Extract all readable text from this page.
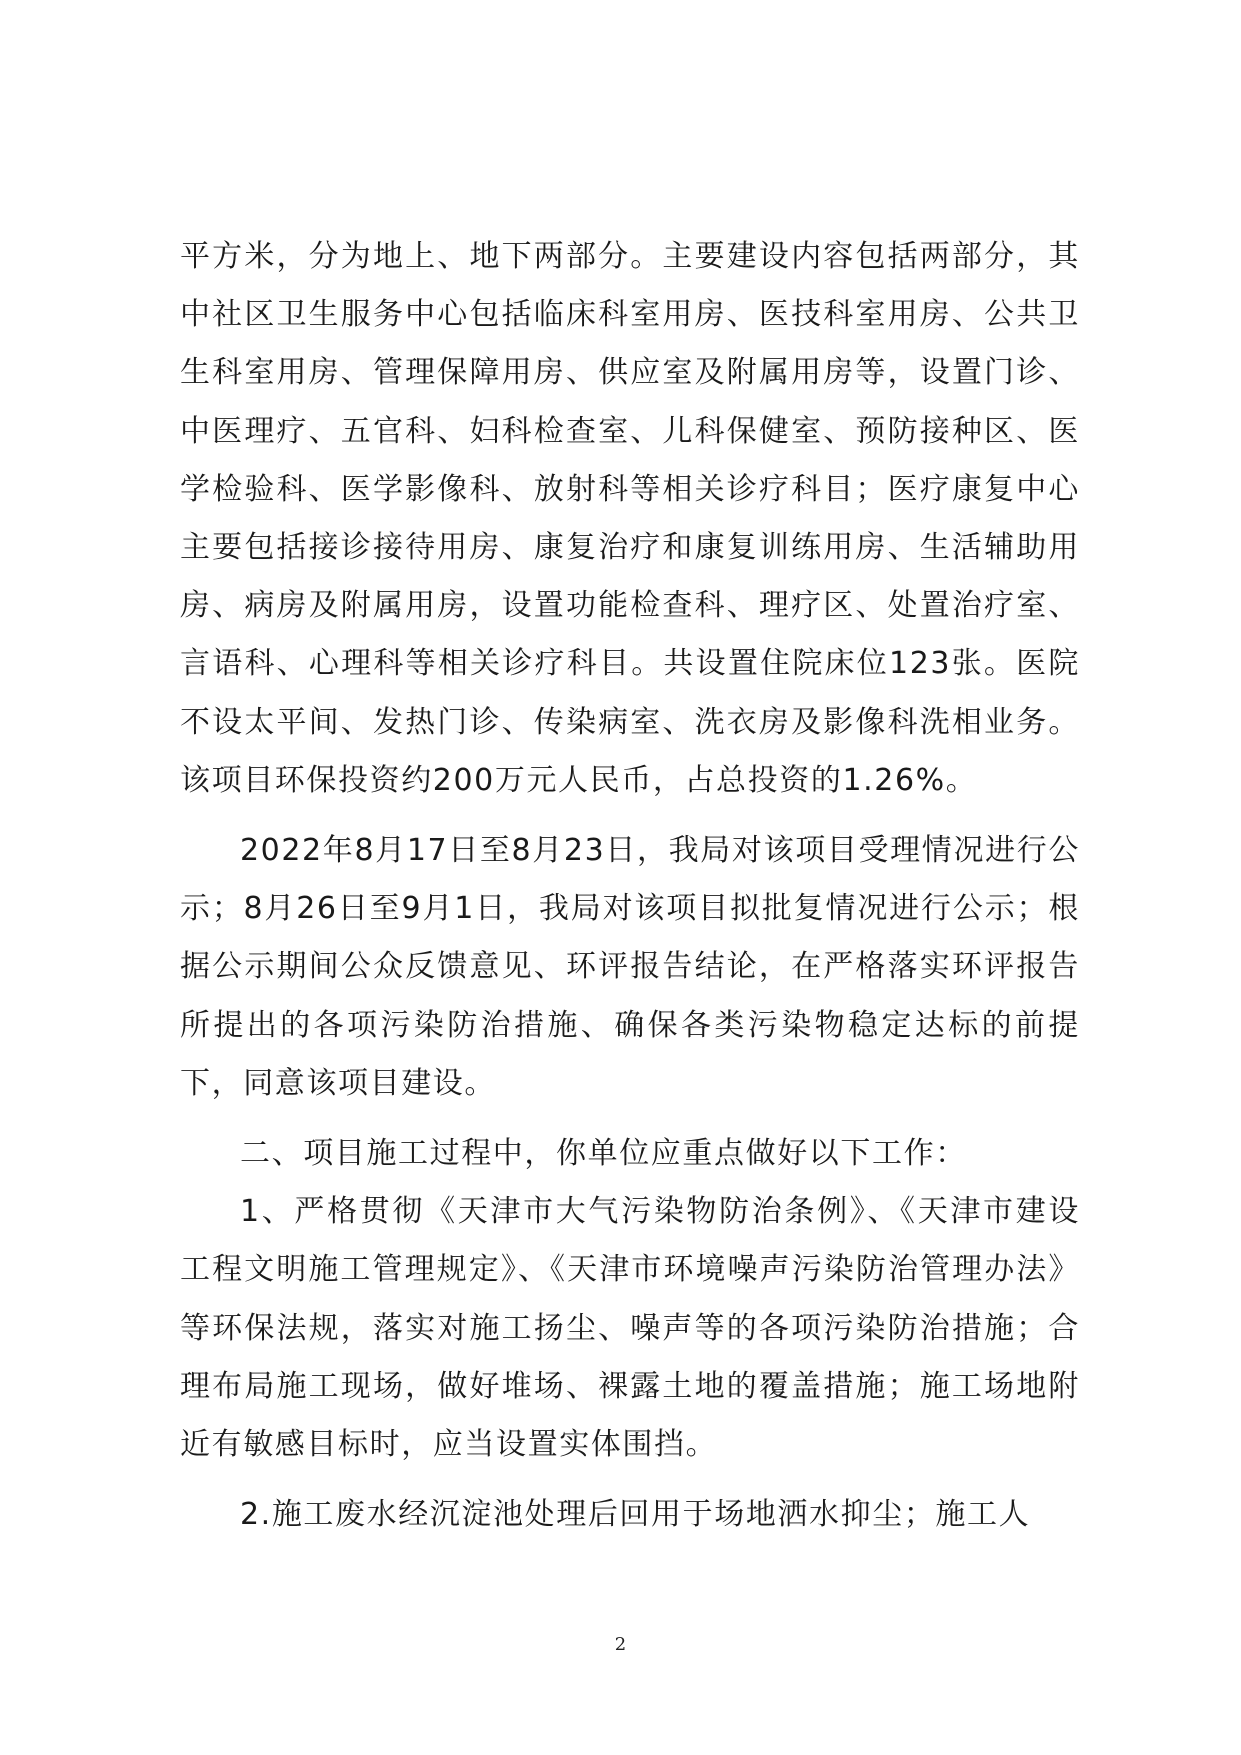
平方米，分为地上、地下两部分。主要建设内容包括两部分，其中社区卫生服务中心包括临床科室用房、医技科室用房、公共卫生科室用房、管理保障用房、供应室及附属用房等，设置门诊、中医理疗、五官科、妇科检查室、儿科保健室、预防接种区、医学检验科、医学影像科、放射科等相关诊疗科目；医疗康复中心主要包括接诊接待用房、康复治疗和康复训练用房、生活辅助用房、病房及附属用房，设置功能检查科、理疗区、处置治疗室、言语科、心理科等相关诊疗科目。共设置住院床位123张。医院不设太平间、发热门诊、传染病室、洗衣房及影像科洗相业务。该项目环保投资约200万元人民币，占总投资的1.26%。

2022年8月17日至8月23日，我局对该项目受理情况进行公示；8月26日至9月1日，我局对该项目拟批复情况进行公示；根据公示期间公众反馈意见、环评报告结论，在严格落实环评报告所提出的各项污染防治措施、确保各类污染物稳定达标的前提下，同意该项目建设。

二、项目施工过程中，你单位应重点做好以下工作：

1、严格贯彻《天津市大气污染物防治条例》、《天津市建设工程文明施工管理规定》、《天津市环境噪声污染防治管理办法》等环保法规，落实对施工扬尘、噪声等的各项污染防治措施；合理布局施工现场，做好堆场、裸露土地的覆盖措施；施工场地附近有敏感目标时，应当设置实体围挡。

2.施工废水经沉淀池处理后回用于场地洒水抑尘；施工人

2
